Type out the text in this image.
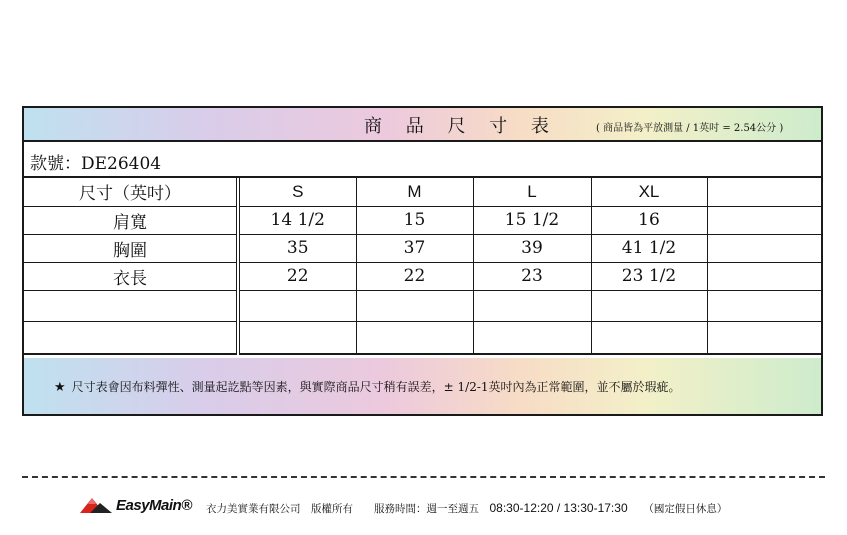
商 品 尺 寸 表	( 商品皆為平放測量 / 1英吋 = 2.54公分 )
款號：DE26404
尺寸（英吋）	S	M	L	XL	
肩寬	14 1/2	15	15 1/2	16	
胸圍	35	37	39	41 1/2	
衣長	22	22	23	23 1/2	

★ 尺寸表會因布料彈性、測量起訖點等因素，與實際商品尺寸稍有誤差，± 1/2-1英吋內為正常範圍，並不屬於瑕疵。
EasyMain® 衣力美實業有限公司　版權所有　　服務時間：週一至週五　 08:30-12:20 / 13:30-17:30　　 （國定假日休息）
